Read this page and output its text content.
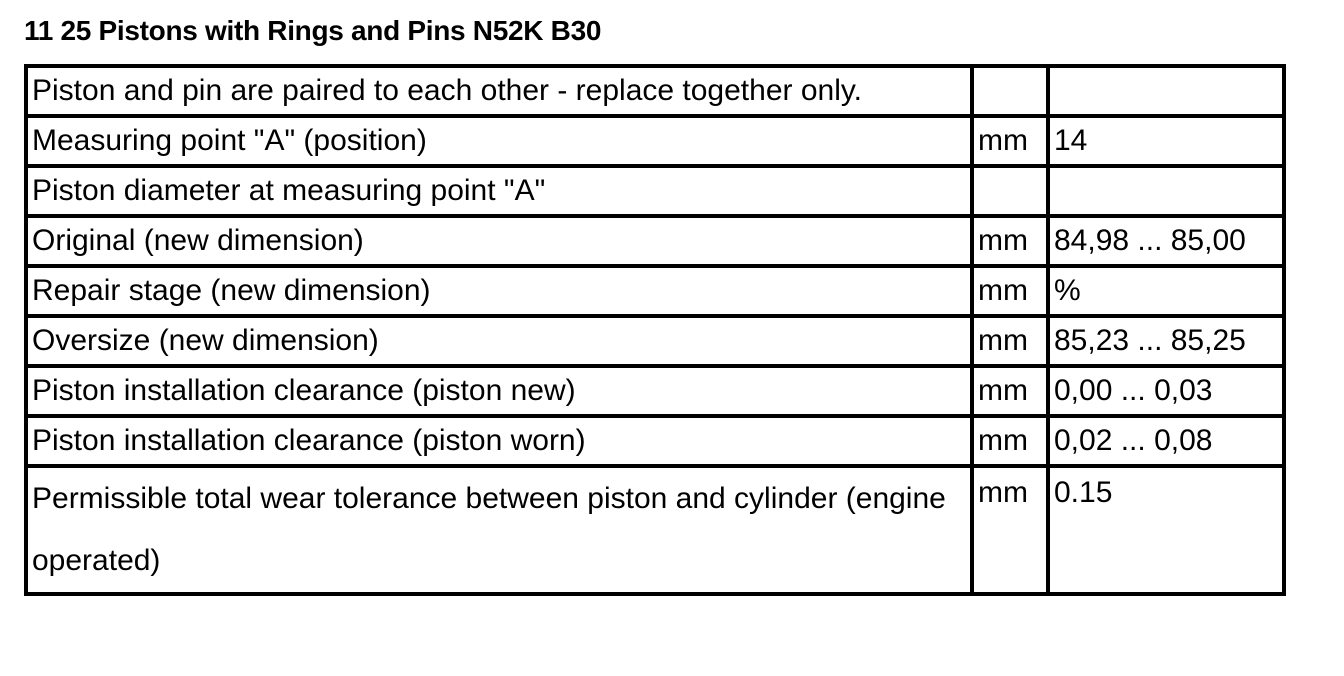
11 25 Pistons with Rings and Pins N52K B30
Piston and pin are paired to each other - replace together only.		
Measuring point "A" (position)	mm	14
Piston diameter at measuring point "A"		
Original (new dimension)	mm	84,98 ... 85,00
Repair stage (new dimension)	mm	%
Oversize (new dimension)	mm	85,23 ... 85,25
Piston installation clearance (piston new)	mm	0,00 ... 0,03
Piston installation clearance (piston worn)	mm	0,02 ... 0,08
Permissible total wear tolerance between piston and cylinder (engine operated)	mm	0.15
